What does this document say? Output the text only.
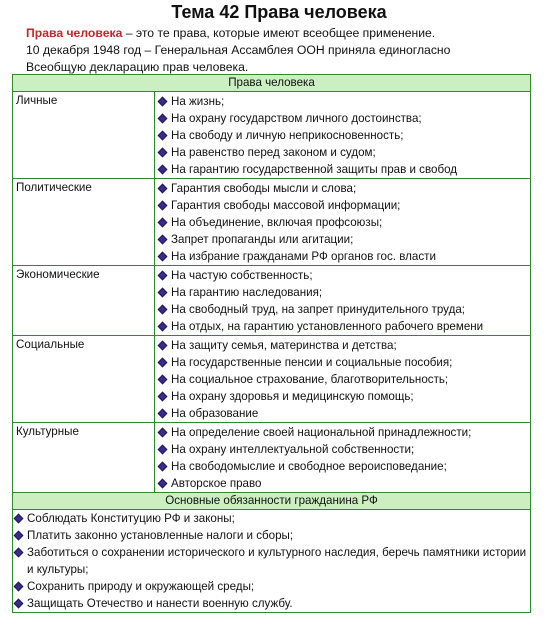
Тема 42 Права человека
Права человека – это те права, которые имеют всеобщее применение.
10 декабря 1948 год – Генеральная Ассамблея ООН приняла единогласно
Всеобщую декларацию прав человека.
Права человека	
Личные	На жизнь;
На охрану государством личного достоинства;
На свободу и личную неприкосновенность;
На равенство перед законом и судом;
На гарантию государственной защиты прав и свобод

Политические	Гарантия свободы мысли и слова;
Гарантия свободы массовой информации;
На объединение, включая профсоюзы;
Запрет пропаганды или агитации;
На избрание гражданами РФ органов гос. власти

Экономические	На частую собственность;
На гарантию наследования;
На свободный труд, на запрет принудительного труда;
На отдых, на гарантию установленного рабочего времени

Социальные	На защиту семья, материнства и детства;
На государственные пенсии и социальные пособия;
На социальное страхование, благотворительность;
На охрану здоровья и медицинскую помощь;
На образование

Культурные	На определение своей национальной принадлежности;
На охрану интеллектуальной собственности;
На свободомыслие и свободное вероисповедание;
Авторское право

Основные обязанности гражданина РФ	

Соблюдать Конституцию РФ и законы;
Платить законно установленные налоги и сборы;
Заботиться о сохранении исторического и культурного наследия, беречь памятники истории и культуры;
Сохранить природу и окружающей среды;
Защищать Отечество и нанести военную службу.	
